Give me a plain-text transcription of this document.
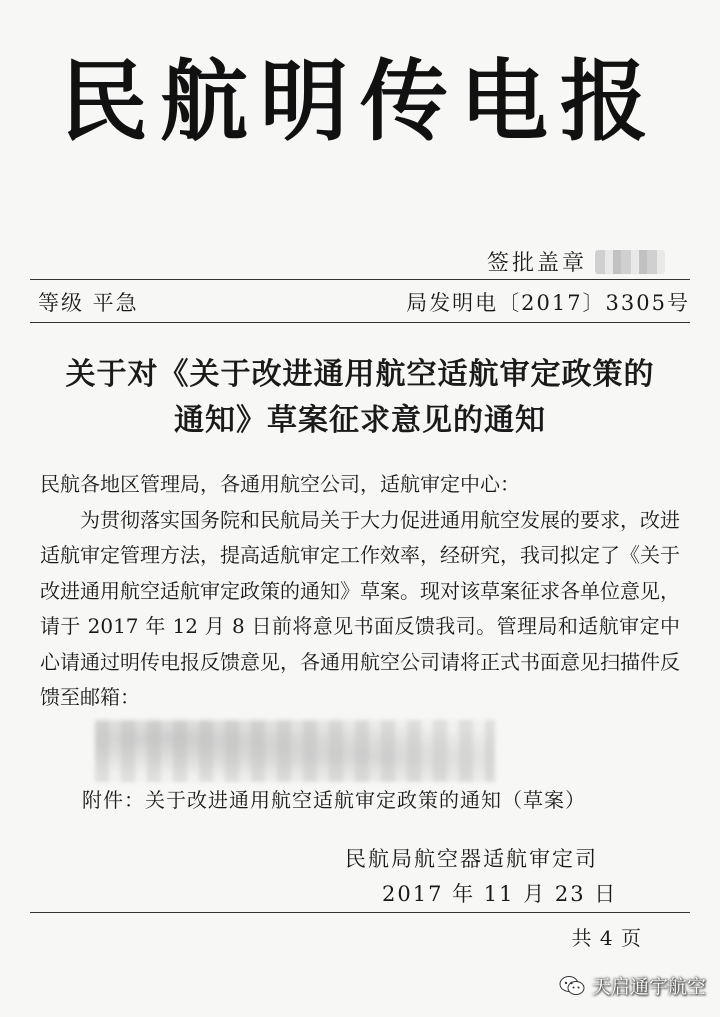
民航明传电报
签批盖章
等级 平急	局发明电〔2017〕3305号
关于对《关于改进通用航空适航审定政策的
通知》草案征求意见的通知

民航各地区管理局，各通用航空公司，适航审定中心：

为贯彻落实国务院和民航局关于大力促进通用航空发展的要求，改进适航审定管理方法，提高适航审定工作效率，经研究，我司拟定了《关于改进通用航空适航审定政策的通知》草案。现对该草案征求各单位意见，请于 2017 年 12 月 8 日前将意见书面反馈我司。管理局和适航审定中心请通过明传电报反馈意见，各通用航空公司请将正式书面意见扫描件反馈至邮箱：

附件：关于改进通用航空适航审定政策的通知（草案）
民航局航空器适航审定司
2017 年 11 月 23 日
共 4 页
天启通宇航空
